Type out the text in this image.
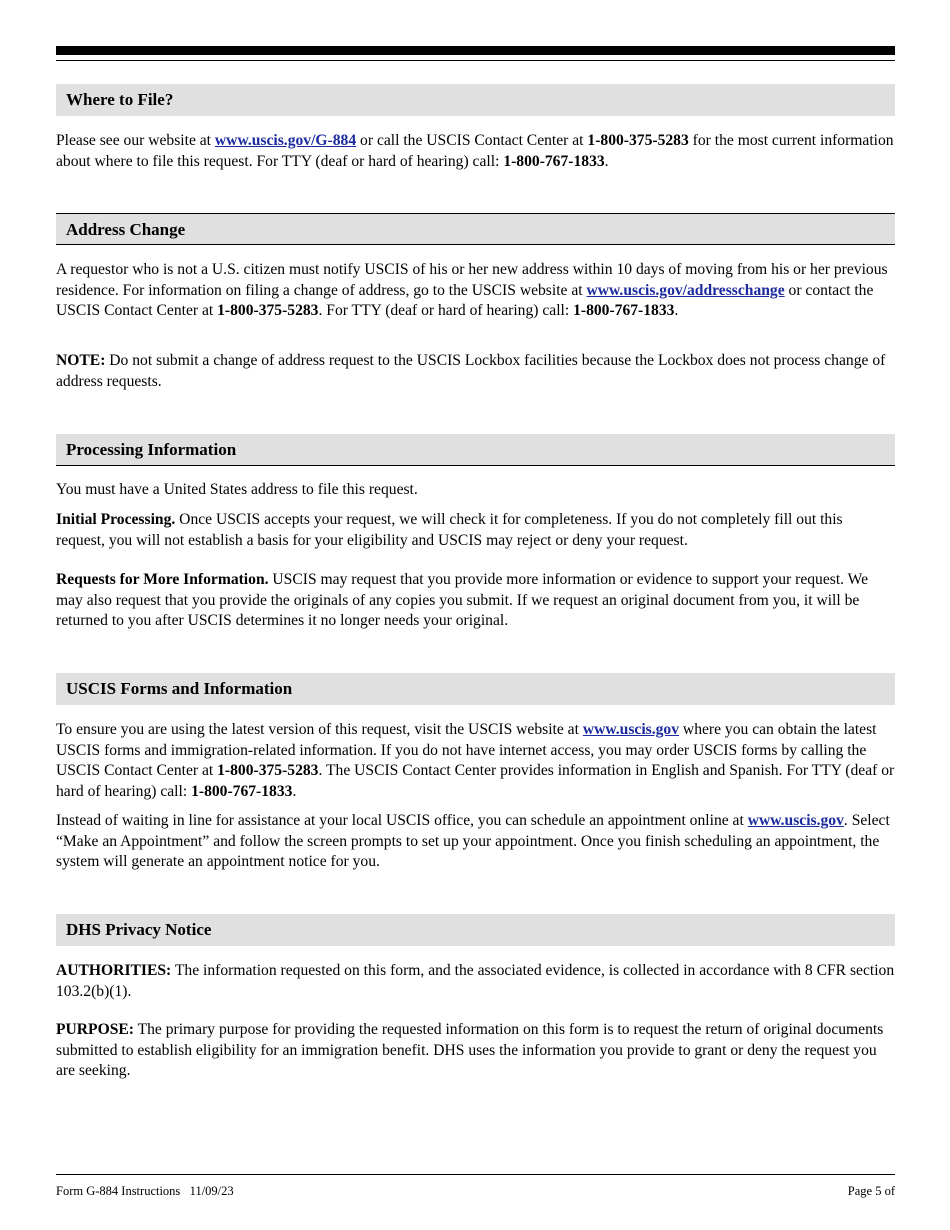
Where to File?

Please see our website at www.uscis.gov/G-884 or call the USCIS Contact Center at 1-800-375-5283 for the most current information about where to file this request. For TTY (deaf or hard of hearing) call: 1-800-767-1833.

Address Change

A requestor who is not a U.S. citizen must notify USCIS of his or her new address within 10 days of moving from his or her previous residence. For information on filing a change of address, go to the USCIS website at www.uscis.gov/addresschange or contact the USCIS Contact Center at 1-800-375-5283. For TTY (deaf or hard of hearing) call: 1-800-767-1833.

NOTE: Do not submit a change of address request to the USCIS Lockbox facilities because the Lockbox does not process change of address requests.

Processing Information

You must have a United States address to file this request.

Initial Processing. Once USCIS accepts your request, we will check it for completeness. If you do not completely fill out this request, you will not establish a basis for your eligibility and USCIS may reject or deny your request.

Requests for More Information. USCIS may request that you provide more information or evidence to support your request. We may also request that you provide the originals of any copies you submit. If we request an original document from you, it will be returned to you after USCIS determines it no longer needs your original.

USCIS Forms and Information

To ensure you are using the latest version of this request, visit the USCIS website at www.uscis.gov where you can obtain the latest USCIS forms and immigration-related information. If you do not have internet access, you may order USCIS forms by calling the USCIS Contact Center at 1-800-375-5283. The USCIS Contact Center provides information in English and Spanish. For TTY (deaf or hard of hearing) call: 1-800-767-1833.

Instead of waiting in line for assistance at your local USCIS office, you can schedule an appointment online at www.uscis.gov. Select “Make an Appointment” and follow the screen prompts to set up your appointment. Once you finish scheduling an appointment, the system will generate an appointment notice for you.

DHS Privacy Notice

AUTHORITIES: The information requested on this form, and the associated evidence, is collected in accordance with 8 CFR section 103.2(b)(1).

PURPOSE: The primary purpose for providing the requested information on this form is to request the return of original documents submitted to establish eligibility for an immigration benefit. DHS uses the information you provide to grant or deny the request you are seeking.

Form G-884 Instructions   11/09/23	Page 5 of
